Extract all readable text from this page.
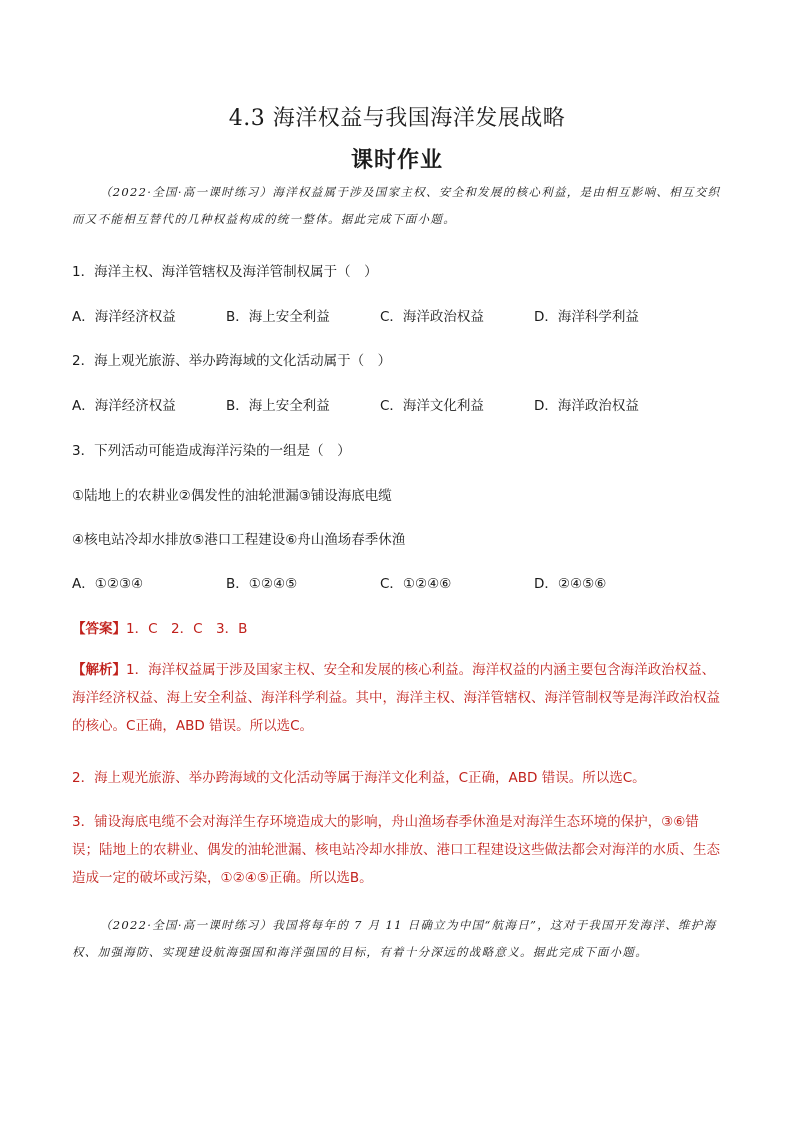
4.3 海洋权益与我国海洋发展战略
课时作业
（2022·全国·高一课时练习）海洋权益属于涉及国家主权、安全和发展的核心利益，是由相互影响、相互交织而又不能相互替代的几种权益构成的统一整体。据此完成下面小题。
1．海洋主权、海洋管辖权及海洋管制权属于（　）
A．海洋经济权益	B．海上安全利益	C．海洋政治权益	D．海洋科学利益
2．海上观光旅游、举办跨海域的文化活动属于（　）
A．海洋经济权益	B．海上安全利益	C．海洋文化利益	D．海洋政治权益
3．下列活动可能造成海洋污染的一组是（　）
①陆地上的农耕业②偶发性的油轮泄漏③铺设海底电缆
④核电站冷却水排放⑤港口工程建设⑥舟山渔场春季休渔
A．①②③④	B．①②④⑤	C．①②④⑥	D．②④⑤⑥
【答案】1．C　2．C　3．B
【解析】1．海洋权益属于涉及国家主权、安全和发展的核心利益。海洋权益的内涵主要包含海洋政治权益、海洋经济权益、海上安全利益、海洋科学利益。其中，海洋主权、海洋管辖权、海洋管制权等是海洋政治权益的核心。C正确，ABD 错误。所以选C。
2．海上观光旅游、举办跨海域的文化活动等属于海洋文化利益，C正确，ABD 错误。所以选C。
3．铺设海底电缆不会对海洋生存环境造成大的影响，舟山渔场春季休渔是对海洋生态环境的保护，③⑥错误；陆地上的农耕业、偶发的油轮泄漏、核电站冷却水排放、港口工程建设这些做法都会对海洋的水质、生态造成一定的破坏或污染，①②④⑤正确。所以选B。
（2022·全国·高一课时练习）我国将每年的 7 月 11 日确立为中国“航海日”，这对于我国开发海洋、维护海权、加强海防、实现建设航海强国和海洋强国的目标，有着十分深远的战略意义。据此完成下面小题。
